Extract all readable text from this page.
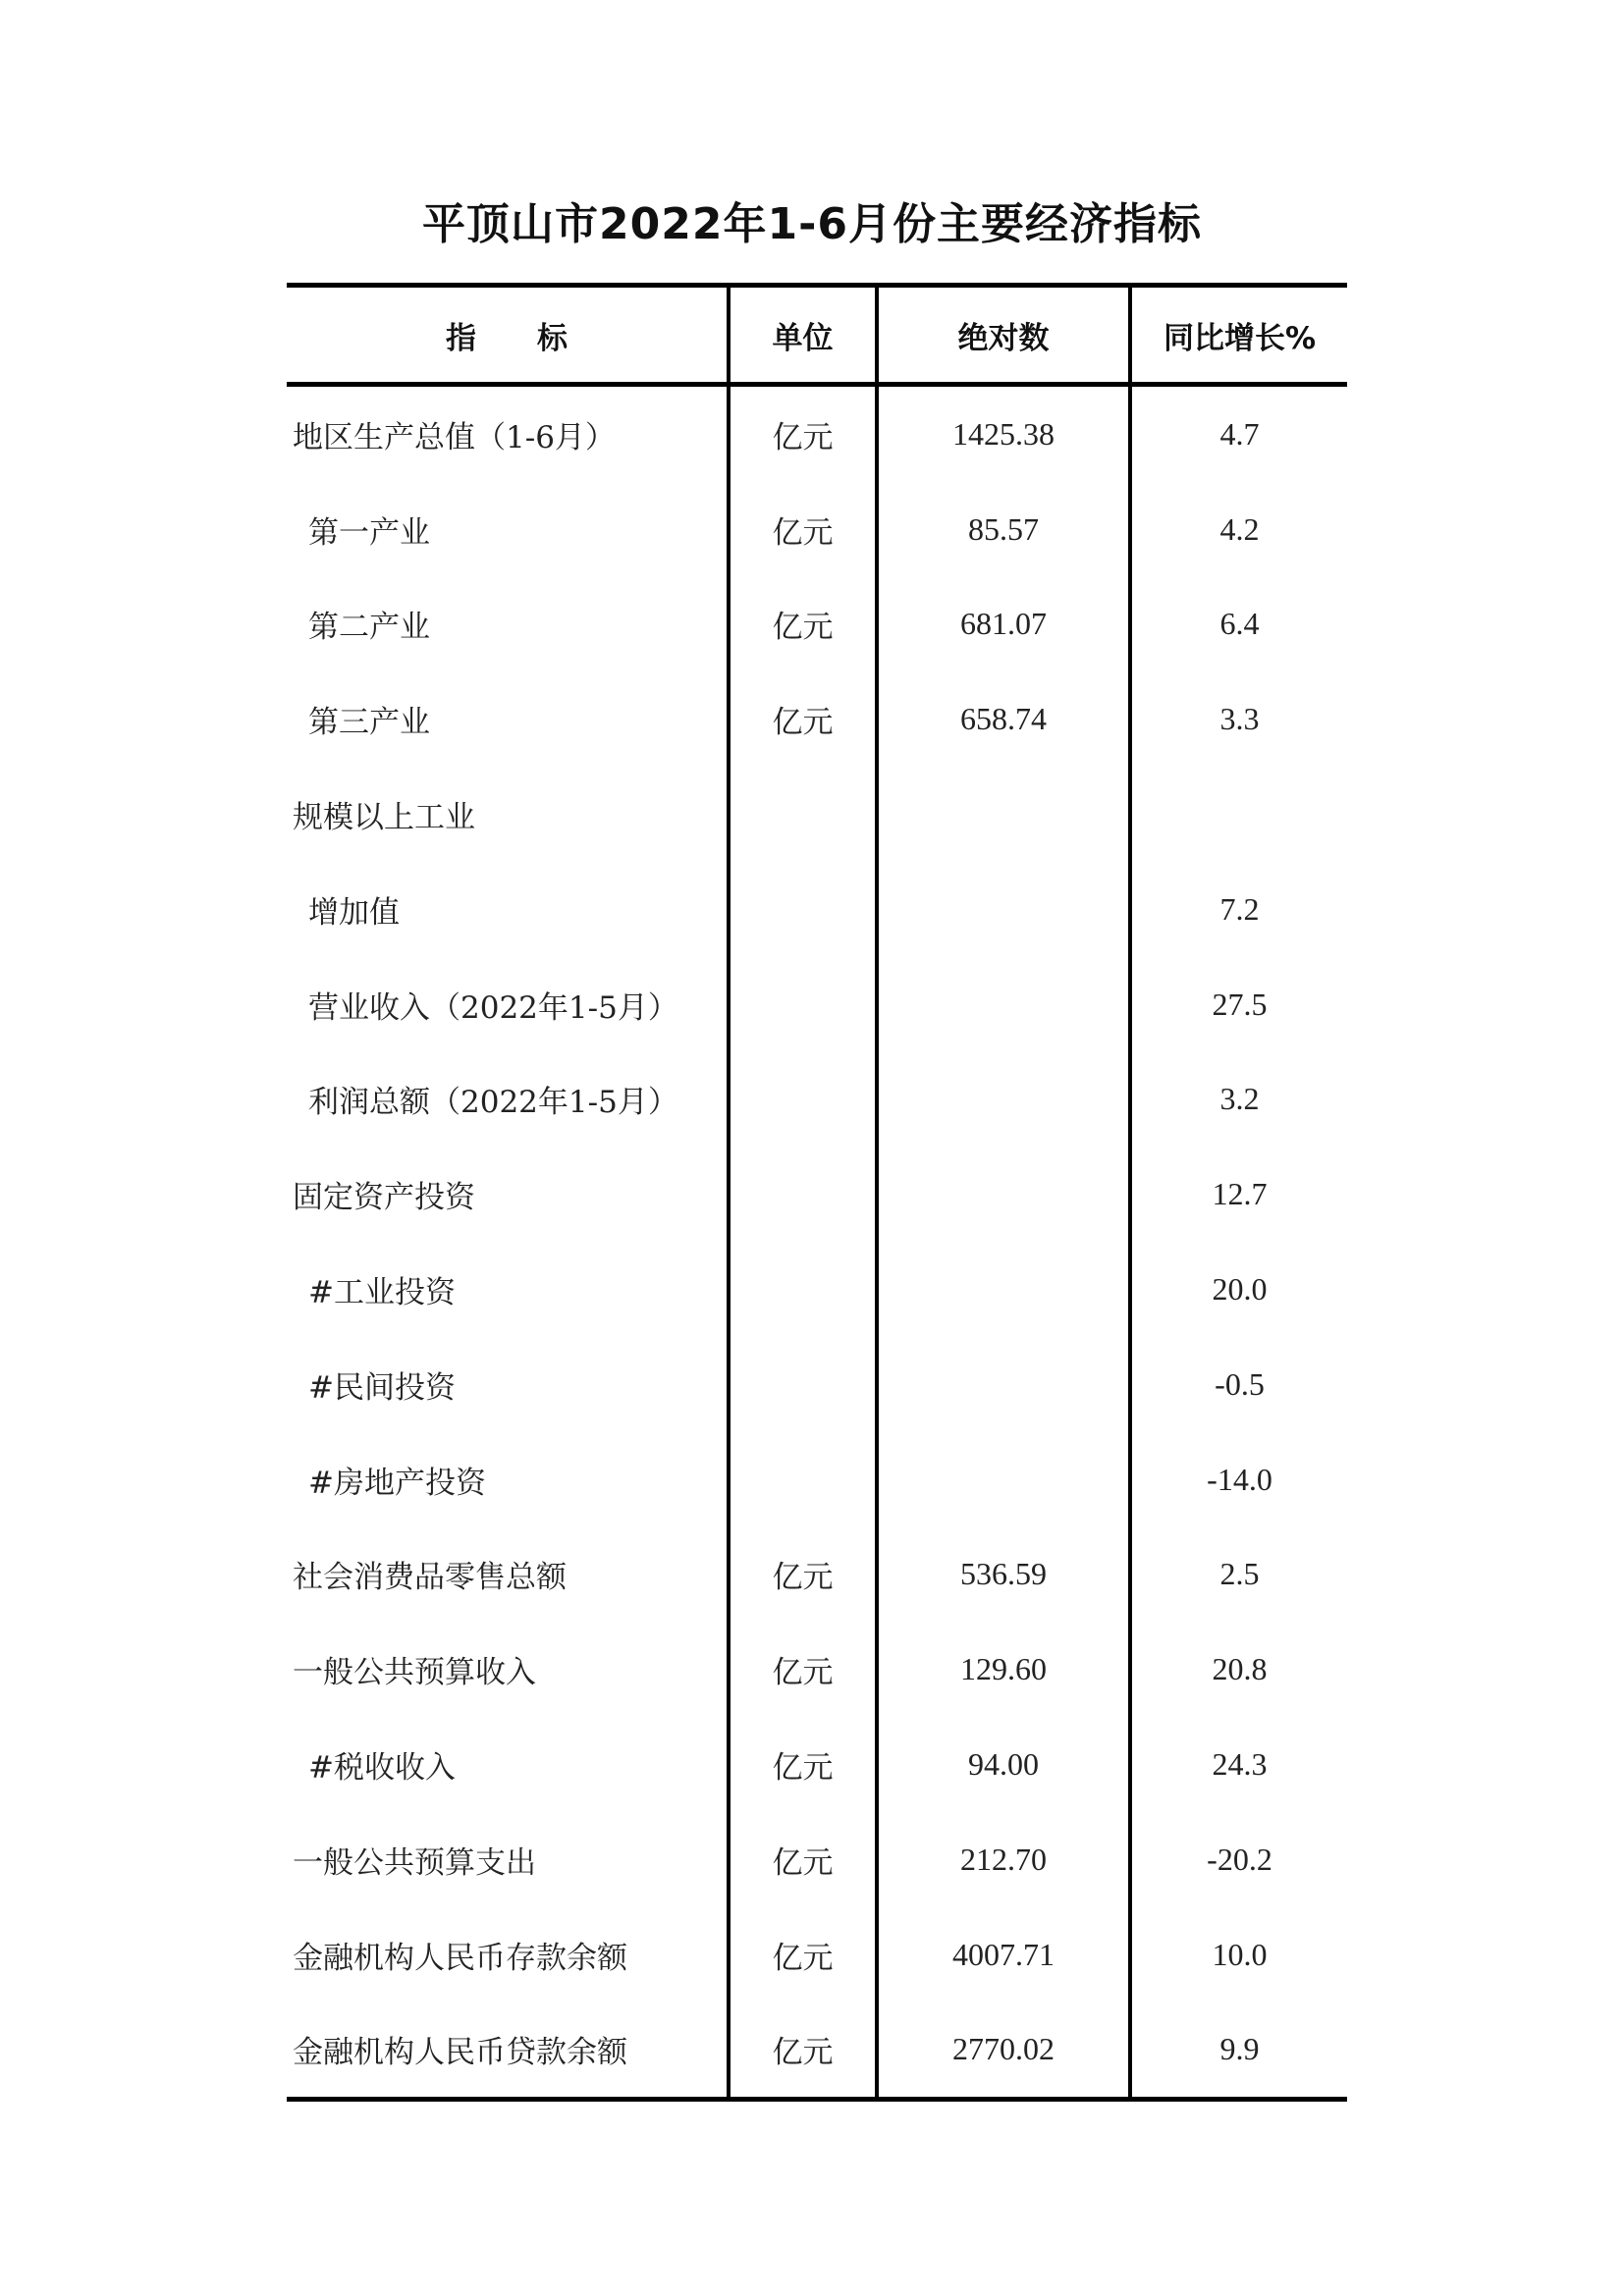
平顶山市2022年1-6月份主要经济指标
指　　标	单位	绝对数	同比增长%
地区生产总值（1-6月）	亿元	1425.38	4.7
第一产业	亿元	85.57	4.2
第二产业	亿元	681.07	6.4
第三产业	亿元	658.74	3.3
规模以上工业			
增加值			7.2
营业收入（2022年1-5月）			27.5
利润总额（2022年1-5月）			3.2
固定资产投资			12.7
#工业投资			20.0
#民间投资			-0.5
#房地产投资			-14.0
社会消费品零售总额	亿元	536.59	2.5
一般公共预算收入	亿元	129.60	20.8
#税收收入	亿元	94.00	24.3
一般公共预算支出	亿元	212.70	-20.2
金融机构人民币存款余额	亿元	4007.71	10.0
金融机构人民币贷款余额	亿元	2770.02	9.9
